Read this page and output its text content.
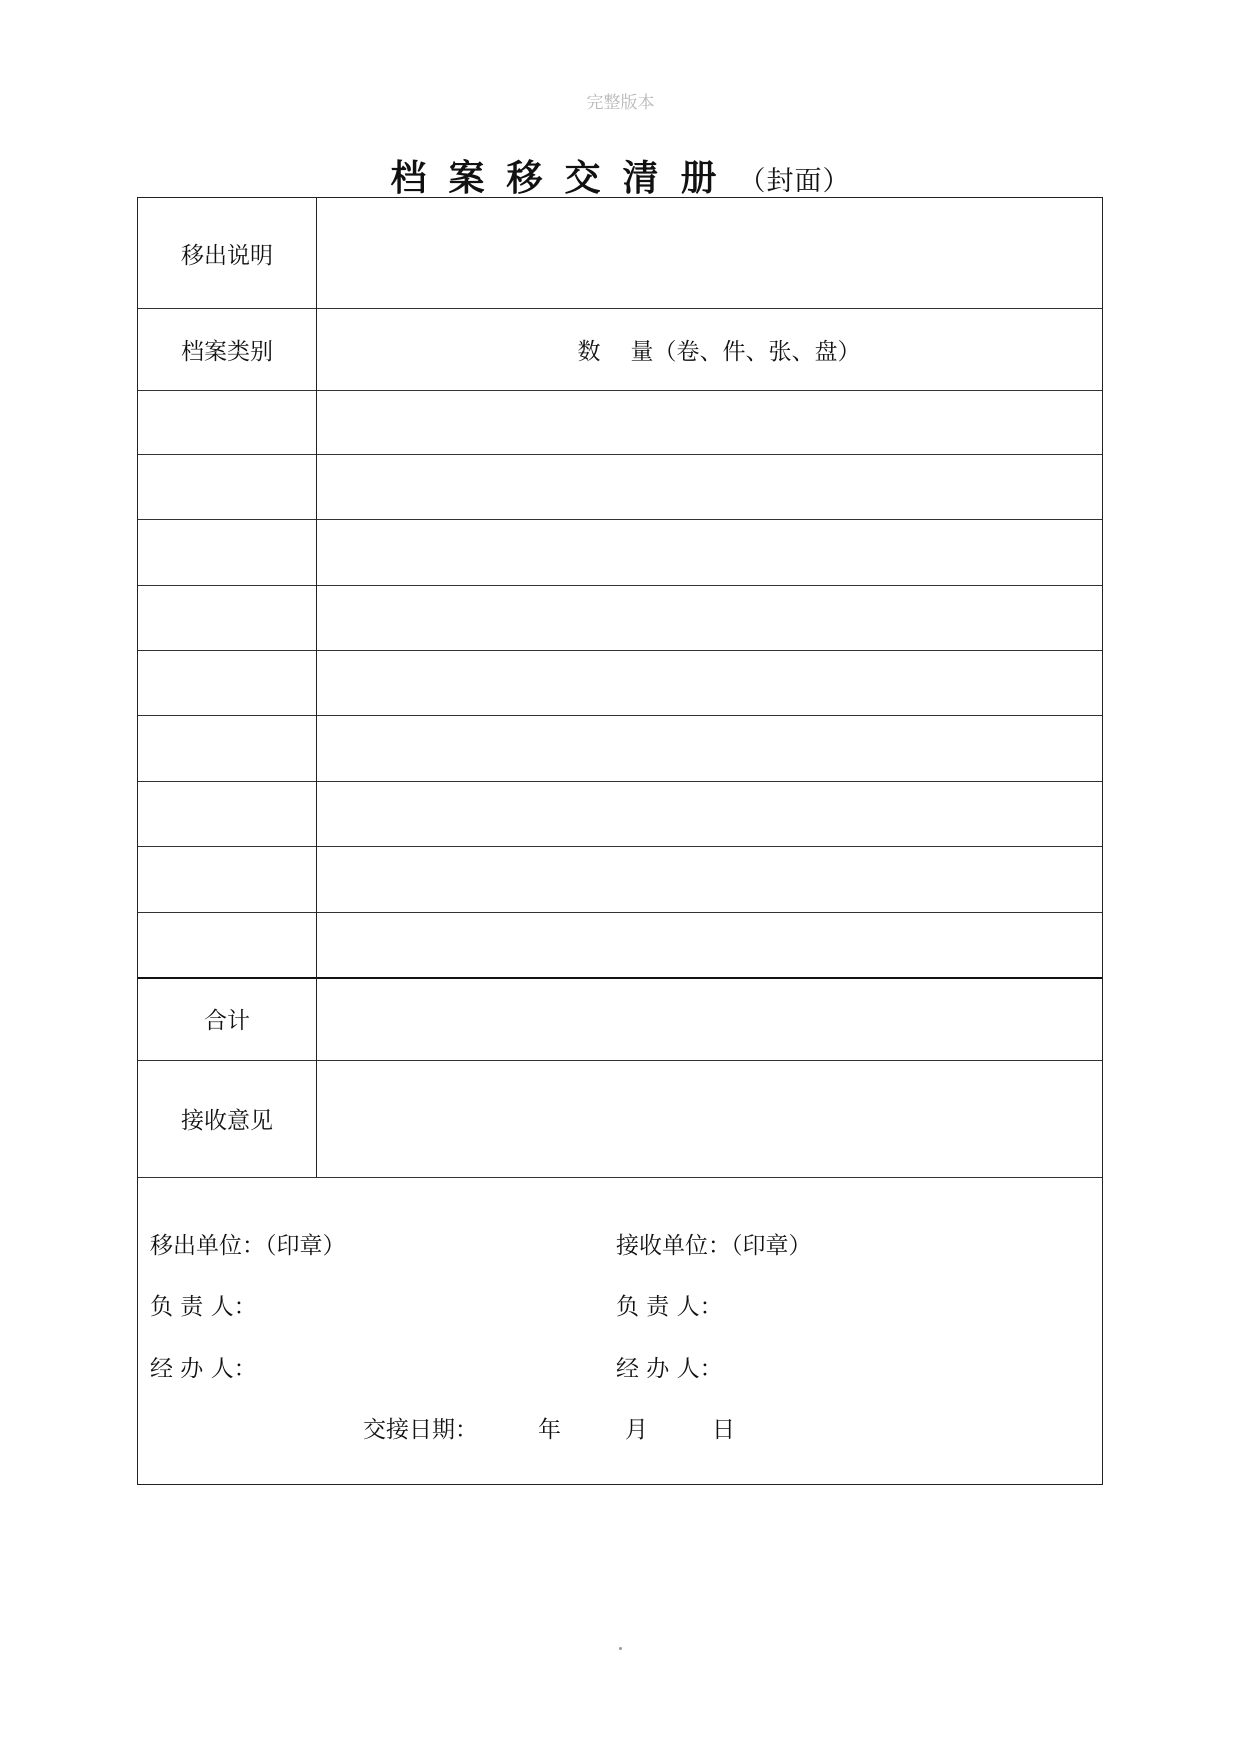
完整版本
档案移交清册（封面）
移出说明
档案类别	数 量（卷、件、张、盘）
合计
接收意见
移出单位：（印章）	接收单位：（印章）
负 责 人：	负 责 人：
经 办 人：	经 办 人：
交接日期：	年	月	日
